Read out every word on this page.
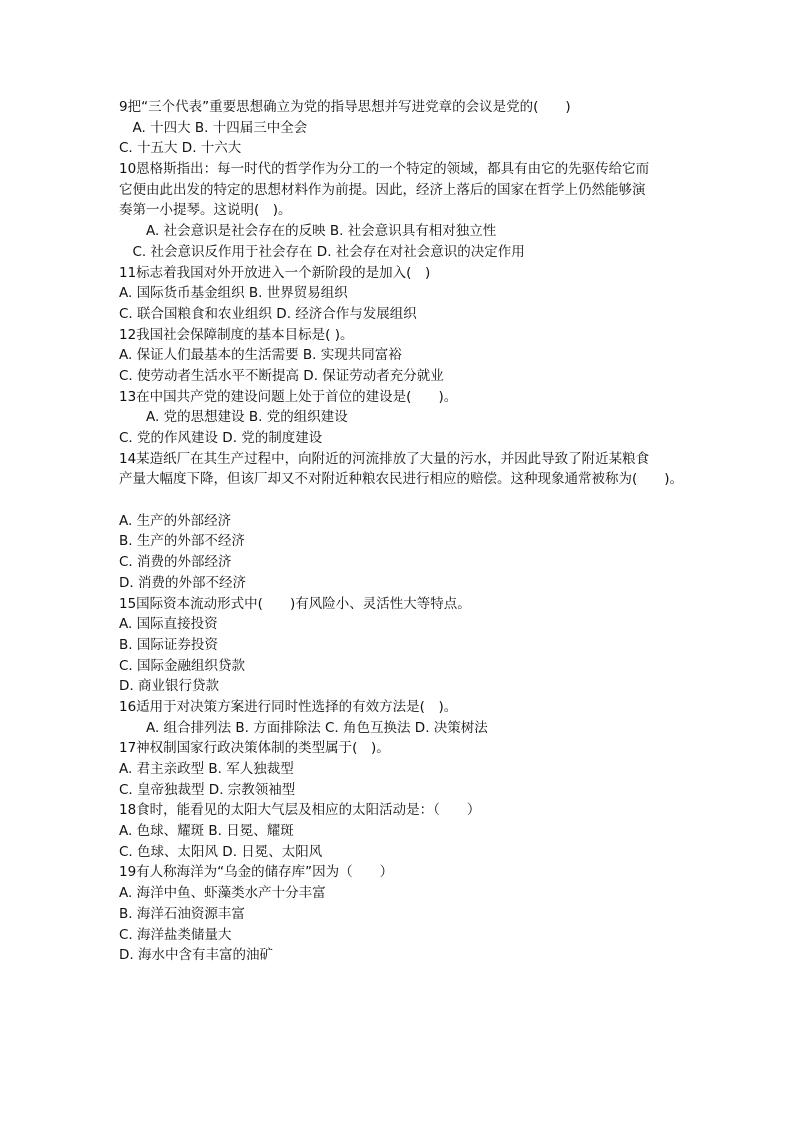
9把“三个代表”重要思想确立为党的指导思想并写进党章的会议是党的(　　)
　A. 十四大 B. 十四届三中全会
C. 十五大 D. 十六大
10恩格斯指出：每一时代的哲学作为分工的一个特定的领域，都具有由它的先驱传给它而
它便由此出发的特定的思想材料作为前提。因此，经济上落后的国家在哲学上仍然能够演
奏第一小提琴。这说明(　)。
　　A. 社会意识是社会存在的反映 B. 社会意识具有相对独立性
　C. 社会意识反作用于社会存在 D. 社会存在对社会意识的决定作用
11标志着我国对外开放进入一个新阶段的是加入(　)
A. 国际货币基金组织 B. 世界贸易组织
C. 联合国粮食和农业组织 D. 经济合作与发展组织
12我国社会保障制度的基本目标是( )。
A. 保证人们最基本的生活需要 B. 实现共同富裕
C. 使劳动者生活水平不断提高 D. 保证劳动者充分就业
13在中国共产党的建设问题上处于首位的建设是(　　)。
　　A. 党的思想建设 B. 党的组织建设
C. 党的作风建设 D. 党的制度建设
14某造纸厂在其生产过程中，向附近的河流排放了大量的污水，并因此导致了附近某粮食
产量大幅度下降，但该厂却又不对附近种粮农民进行相应的赔偿。这种现象通常被称为(　　)。
A. 生产的外部经济
B. 生产的外部不经济
C. 消费的外部经济
D. 消费的外部不经济
15国际资本流动形式中(　　)有风险小、灵活性大等特点。
A. 国际直接投资
B. 国际证券投资
C. 国际金融组织贷款
D. 商业银行贷款
16适用于对决策方案进行同时性选择的有效方法是(　)。
　　A. 组合排列法 B. 方面排除法 C. 角色互换法 D. 决策树法
17神权制国家行政决策体制的类型属于(　)。
A. 君主亲政型 B. 军人独裁型
C. 皇帝独裁型 D. 宗教领袖型
18食时，能看见的太阳大气层及相应的太阳活动是：（　　）
A. 色球、耀斑 B. 日冕、耀斑
C. 色球、太阳风 D. 日冕、太阳风
19有人称海洋为“乌金的储存库”因为（　　）
A. 海洋中鱼、虾藻类水产十分丰富
B. 海洋石油资源丰富
C. 海洋盐类储量大
D. 海水中含有丰富的油矿
